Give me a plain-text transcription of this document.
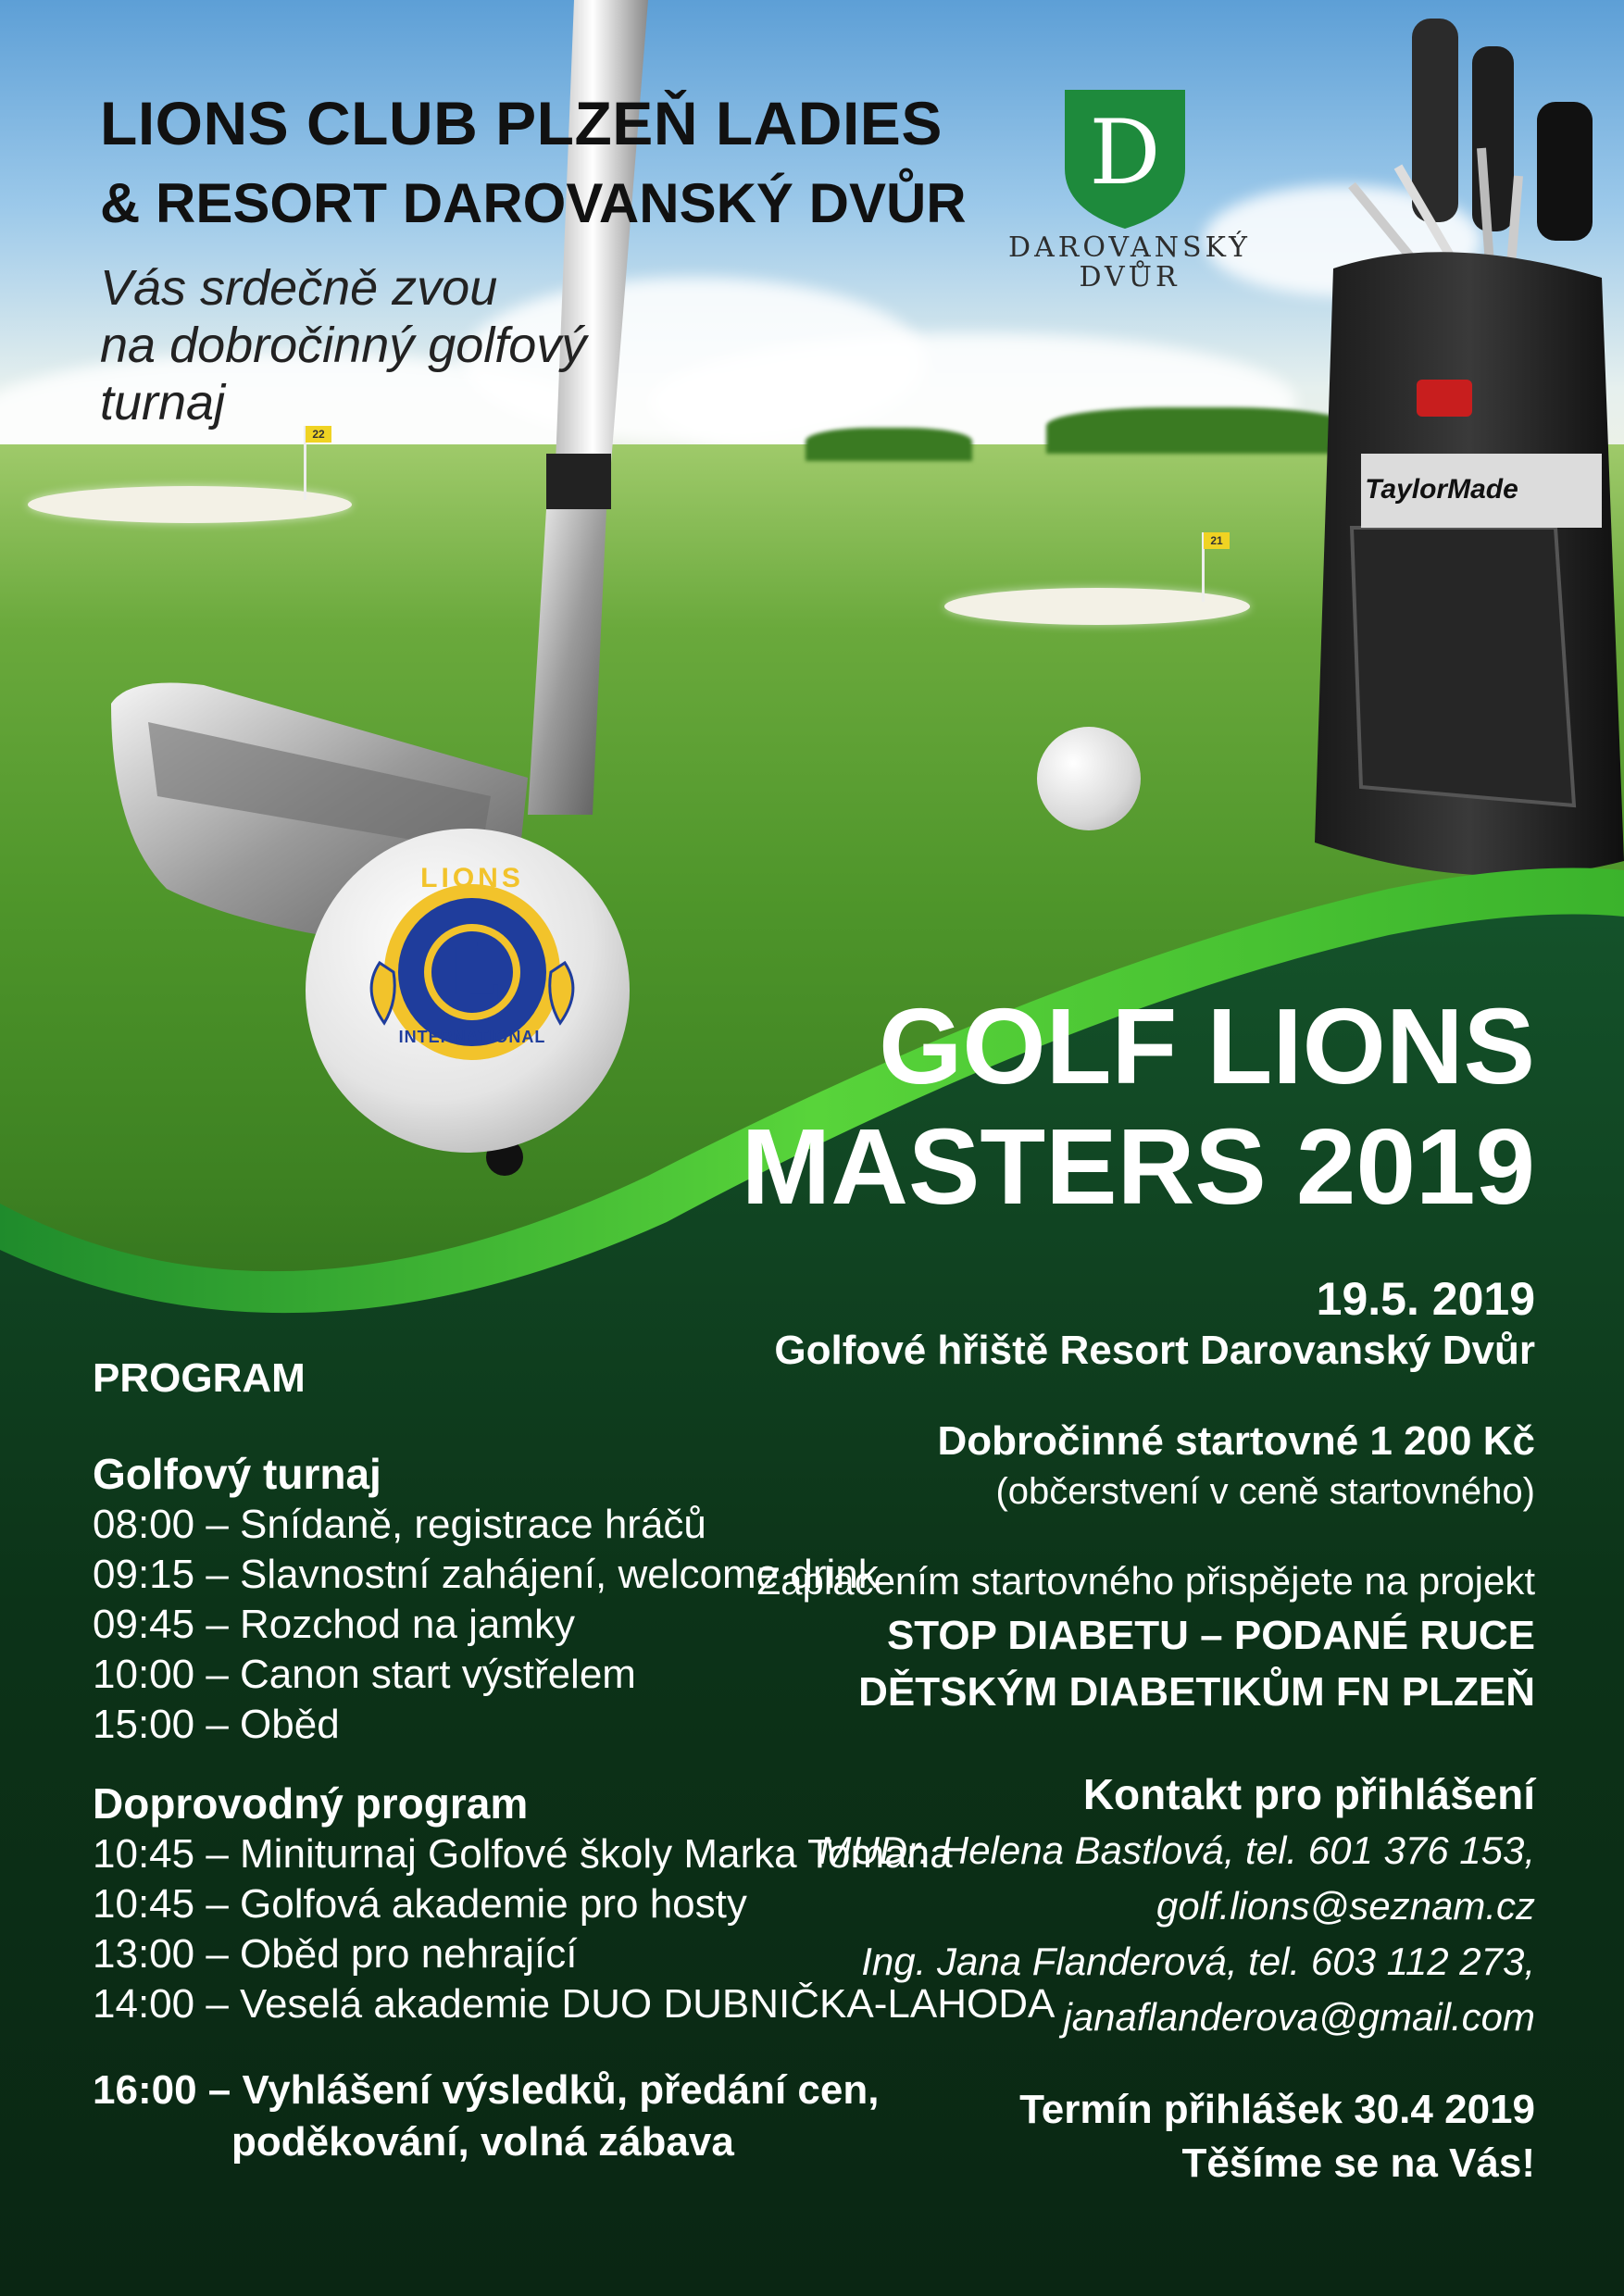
22
21
LIONS
L
INTERNATIONAL
TaylorMade
D
DAROVANSKÝ
DVŮR
LIONS CLUB PLZEŇ LADIES
& RESORT DAROVANSKÝ DVŮR
Vás srdečně zvou
na dobročinný golfový
turnaj
GOLF LIONS
MASTERS 2019
19.5. 2019
Golfové hřiště Resort Darovanský Dvůr
Dobročinné startovné 1 200 Kč
(občerstvení v ceně startovného)
Zaplacením startovného přispějete na projekt
STOP DIABETU – PODANÉ RUCE
DĚTSKÝM DIABETIKŮM FN PLZEŇ
Kontakt pro přihlášení
MUDr. Helena Bastlová, tel. 601 376 153,
golf.lions@seznam.cz
Ing. Jana Flanderová, tel. 603 112 273,
janaflanderova@gmail.com
Termín přihlášek 30.4 2019
Těšíme se na Vás!
PROGRAM
Golfový turnaj
08:00 – Snídaně, registrace hráčů
09:15 – Slavnostní zahájení, welcome drink
09:45 – Rozchod na jamky
10:00 – Canon start výstřelem
15:00 – Oběd
Doprovodný program
10:45 – Miniturnaj Golfové školy Marka Tomana
10:45 – Golfová akademie pro hosty
13:00 – Oběd pro nehrající
14:00 – Veselá akademie DUO DUBNIČKA-LAHODA
16:00 – Vyhlášení výsledků, předání cen,
poděkování, volná zábava
